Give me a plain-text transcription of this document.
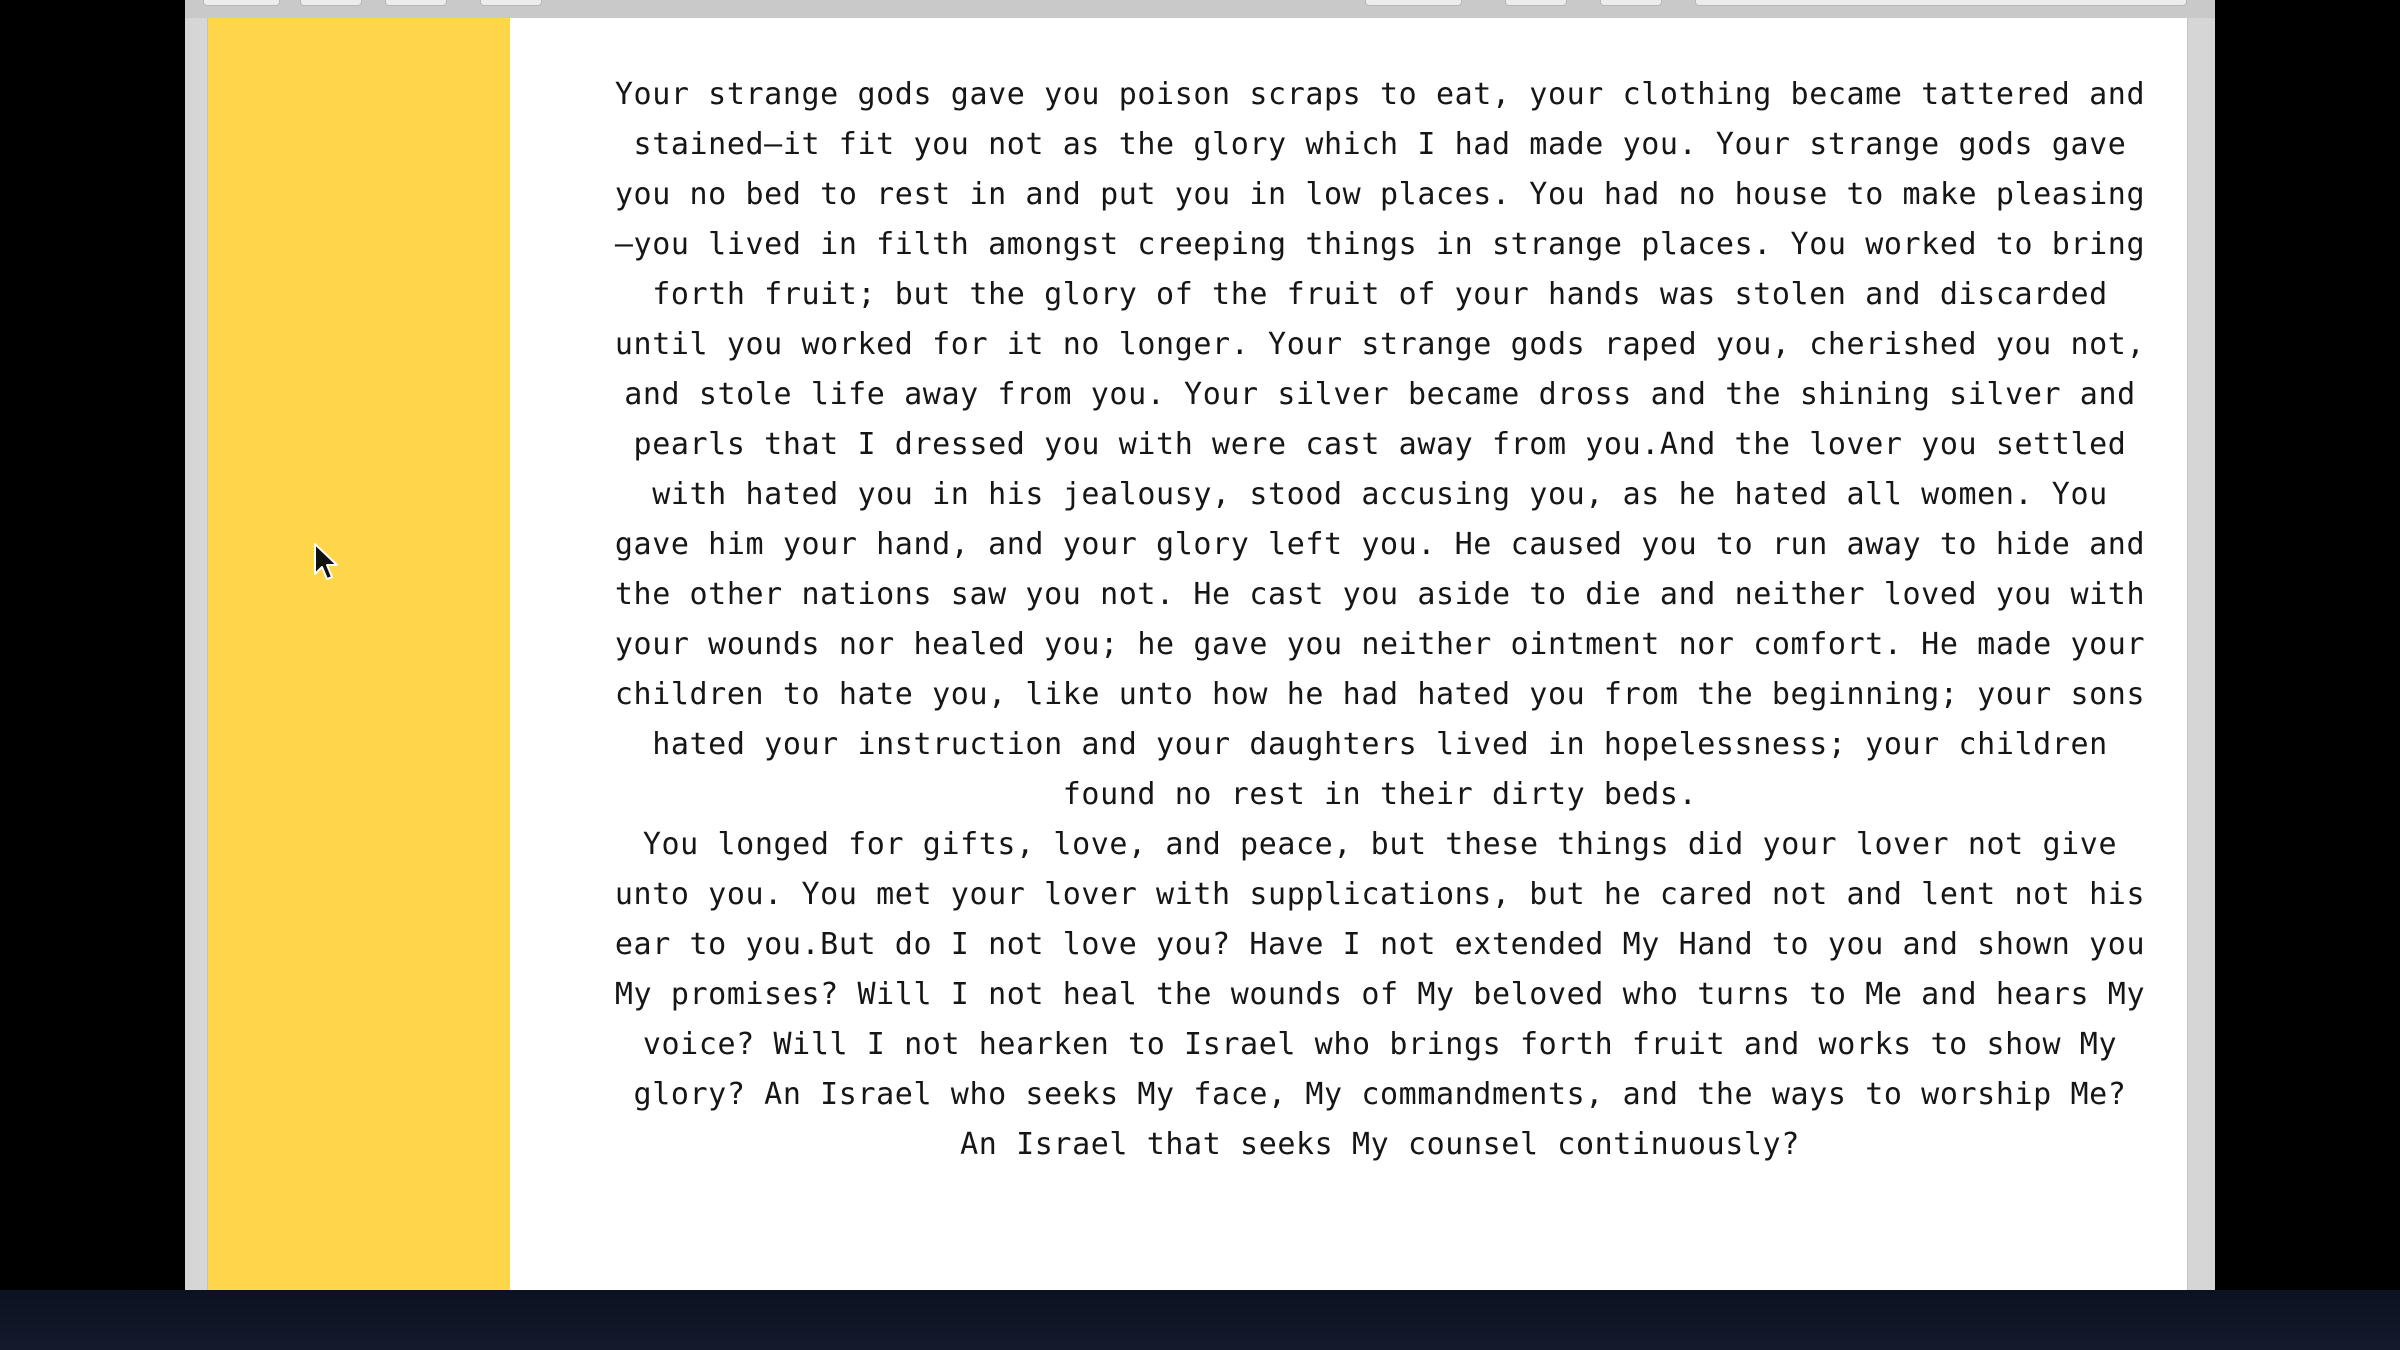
Your strange gods gave you poison scraps to eat, your clothing became tattered and stained—it fit you not as the glory which I had made you. Your strange gods gave you no bed to rest in and put you in low places. You had no house to make pleasing—you lived in filth amongst creeping things in strange places. You worked to bring forth fruit; but the glory of the fruit of your hands was stolen and discarded until you worked for it no longer. Your strange gods raped you, cherished you not, and stole life away from you. Your silver became dross and the shining silver and pearls that I dressed you with were cast away from you.And the lover you settled with hated you in his jealousy, stood accusing you, as he hated all women. You gave him your hand, and your glory left you. He caused you to run away to hide and the other nations saw you not. He cast you aside to die and neither loved you with your wounds nor healed you; he gave you neither ointment nor comfort. He made your children to hate you, like unto how he had hated you from the beginning; your sons hated your instruction and your daughters lived in hopelessness; your children found no rest in their dirty beds.

You longed for gifts, love, and peace, but these things did your lover not give unto you. You met your lover with supplications, but he cared not and lent not his ear to you.But do I not love you? Have I not extended My Hand to you and shown you My promises? Will I not heal the wounds of My beloved who turns to Me and hears My voice? Will I not hearken to Israel who brings forth fruit and works to show My glory? An Israel who seeks My face, My commandments, and the ways to worship Me? An Israel that seeks My counsel continuously?
